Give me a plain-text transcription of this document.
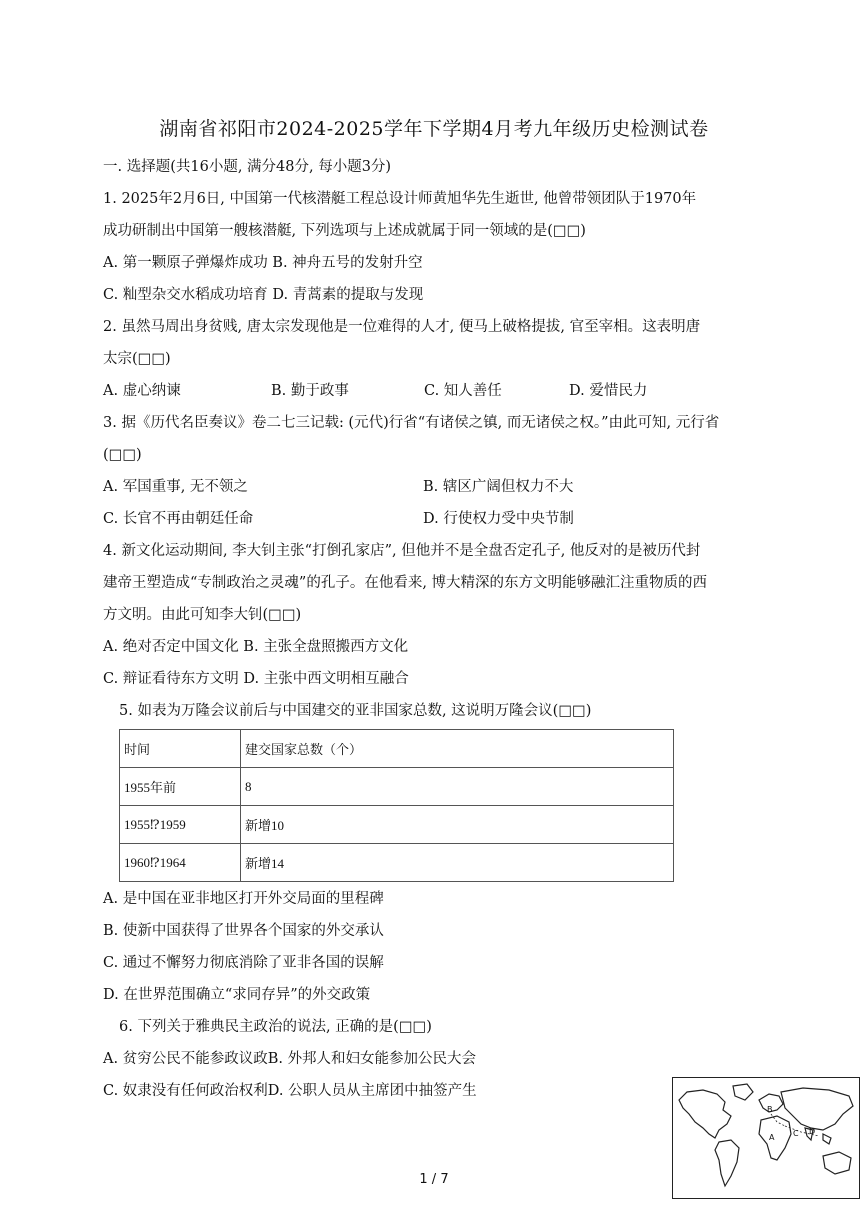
湖南省祁阳市2024-2025学年下学期4月考九年级历史检测试卷
一. 选择题(共16小题, 满分48分, 每小题3分)
1. 2025年2月6日, 中国第一代核潜艇工程总设计师黄旭华先生逝世, 他曾带领团队于1970年
成功研制出中国第一艘核潜艇, 下列选项与上述成就属于同一领域的是(□□)
A. 第一颗原子弹爆炸成功 B. 神舟五号的发射升空
C. 籼型杂交水稻成功培育 D. 青蒿素的提取与发现
2. 虽然马周出身贫贱, 唐太宗发现他是一位难得的人才, 便马上破格提拔, 官至宰相。这表明唐
太宗(□□)
A. 虚心纳谏	B. 勤于政事	C. 知人善任	D. 爱惜民力
3. 据《历代名臣奏议》卷二七三记载: (元代)行省“有诸侯之镇, 而无诸侯之权。”由此可知, 元行省
(□□)
A. 军国重事, 无不领之	B. 辖区广阔但权力不大
C. 长官不再由朝廷任命	D. 行使权力受中央节制
4. 新文化运动期间, 李大钊主张“打倒孔家店”, 但他并不是全盘否定孔子, 他反对的是被历代封
建帝王塑造成“专制政治之灵魂”的孔子。在他看来, 博大精深的东方文明能够融汇注重物质的西
方文明。由此可知李大钊(□□)
A. 绝对否定中国文化 B. 主张全盘照搬西方文化
C. 辩证看待东方文明 D. 主张中西文明相互融合
5. 如表为万隆会议前后与中国建交的亚非国家总数, 这说明万隆会议(□□)
时间	建交国家总数（个）
1955年前	8
1955⁉1959	新增10
1960⁉1964	新增14
A. 是中国在亚非地区打开外交局面的里程碑
B. 使新中国获得了世界各个国家的外交承认
C. 通过不懈努力彻底消除了亚非各国的误解
D. 在世界范围确立“求同存异”的外交政策
6. 下列关于雅典民主政治的说法, 正确的是(□□)
A. 贫穷公民不能参政议政B. 外邦人和妇女能参加公民大会
C. 奴隶没有任何政治权利D. 公职人员从主席团中抽签产生
B
A C D
1 / 7
